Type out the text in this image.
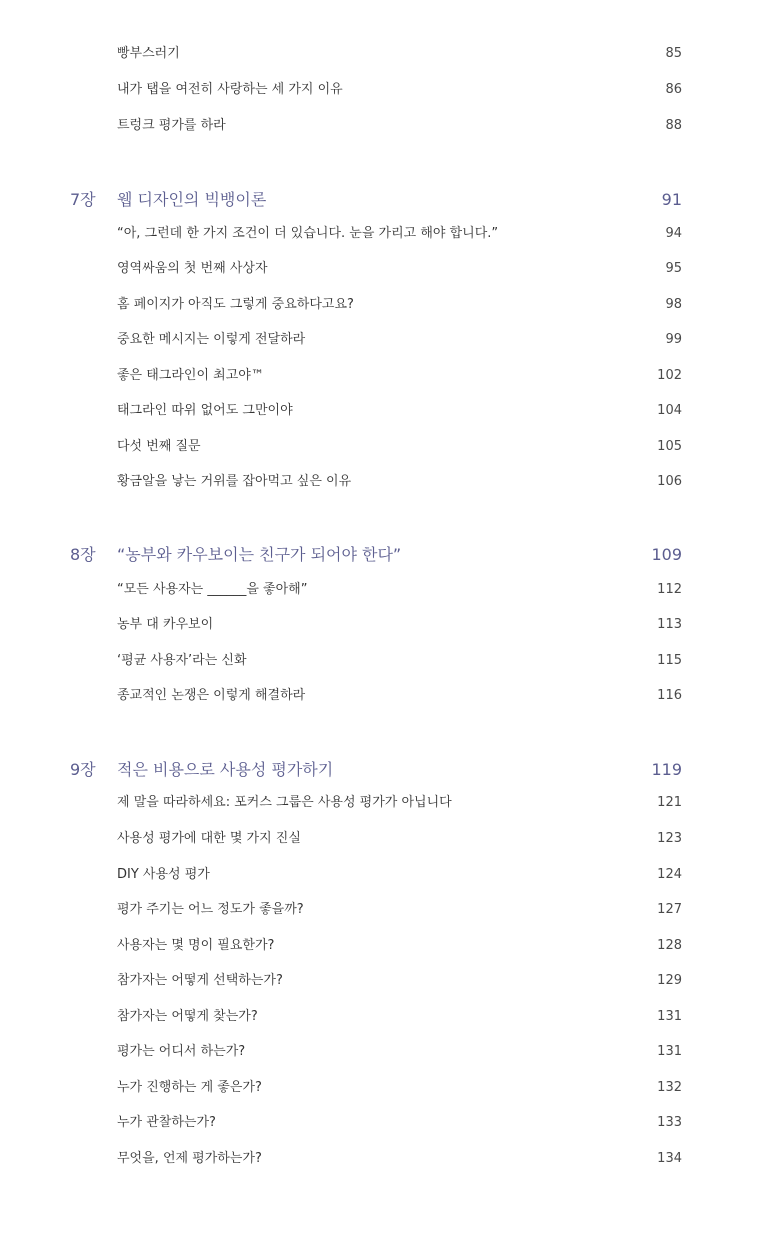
빵부스러기	85
내가 탭을 여전히 사랑하는 세 가지 이유	86
트렁크 평가를 하라	88
7장 웹 디자인의 빅뱅이론	91
“아, 그런데 한 가지 조건이 더 있습니다. 눈을 가리고 해야 합니다.”	94
영역싸움의 첫 번째 사상자	95
홈 페이지가 아직도 그렇게 중요하다고요?	98
중요한 메시지는 이렇게 전달하라	99
좋은 태그라인이 최고야™	102
태그라인 따위 없어도 그만이야	104
다섯 번째 질문	105
황금알을 낳는 거위를 잡아먹고 싶은 이유	106
8장 “농부와 카우보이는 친구가 되어야 한다”	109
“모든 사용자는 ______을 좋아해”	112
농부 대 카우보이	113
‘평균 사용자’라는 신화	115
종교적인 논쟁은 이렇게 해결하라	116
9장 적은 비용으로 사용성 평가하기	119
제 말을 따라하세요: 포커스 그룹은 사용성 평가가 아닙니다	121
사용성 평가에 대한 몇 가지 진실	123
DIY 사용성 평가	124
평가 주기는 어느 정도가 좋을까?	127
사용자는 몇 명이 필요한가?	128
참가자는 어떻게 선택하는가?	129
참가자는 어떻게 찾는가?	131
평가는 어디서 하는가?	131
누가 진행하는 게 좋은가?	132
누가 관찰하는가?	133
무엇을, 언제 평가하는가?	134
